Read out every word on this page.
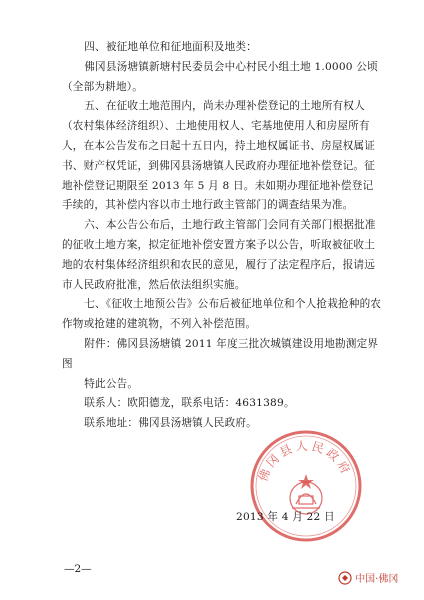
四、被征地单位和征地面积及地类：

佛冈县汤塘镇新塘村民委员会中心村民小组土地 1.0000 公顷（全部为耕地）。

五、在征收土地范围内，尚未办理补偿登记的土地所有权人（农村集体经济组织）、土地使用权人、宅基地使用人和房屋所有人，在本公告发布之日起十五日内，持土地权属证书、房屋权属证书、财产权凭证，到佛冈县汤塘镇人民政府办理征地补偿登记。征地补偿登记期限至 2013 年 5 月 8 日。未如期办理征地补偿登记手续的，其补偿内容以市土地行政主管部门的调查结果为准。

六、本公告公布后，土地行政主管部门会同有关部门根据批准的征收土地方案，拟定征地补偿安置方案予以公告，听取被征收土地的农村集体经济组织和农民的意见，履行了法定程序后，报请远市人民政府批准，然后依法组织实施。

七、《征收土地预公告》公布后被征地单位和个人抢栽抢种的农作物或抢建的建筑物，不列入补偿范围。

附件：佛冈县汤塘镇 2011 年度三批次城镇建设用地勘测定界图

特此公告。

联系人：欧阳德龙，联系电话：4631389。

联系地址：佛冈县汤塘镇人民政府。

佛冈县人民政府
2013 年 4 月 22 日
—2—
中国·佛冈
